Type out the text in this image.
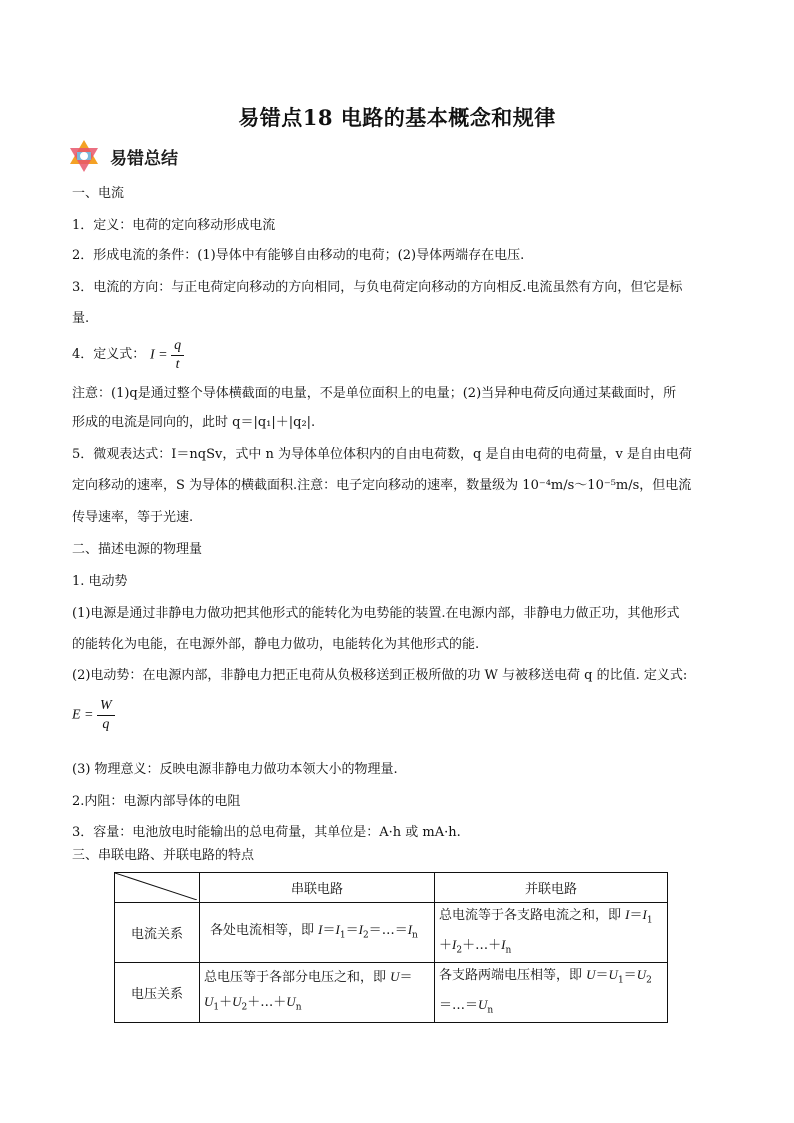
易错点18 电路的基本概念和规律
易错总结
一、电流
1．定义：电荷的定向移动形成电流
2．形成电流的条件：(1)导体中有能够自由移动的电荷；(2)导体两端存在电压.
3．电流的方向：与正电荷定向移动的方向相同，与负电荷定向移动的方向相反.电流虽然有方向，但它是标
量.
4．定义式： $I = \frac{q}{t}$
注意：(1)q是通过整个导体横截面的电量，不是单位面积上的电量；(2)当异种电荷反向通过某截面时，所
形成的电流是同向的，此时 q＝|q₁|＋|q₂|.
5．微观表达式：I＝nqSv，式中 n 为导体单位体积内的自由电荷数，q 是自由电荷的电荷量，v 是自由电荷
定向移动的速率，S 为导体的横截面积.注意：电子定向移动的速率，数量级为 10⁻⁴m/s～10⁻⁵m/s，但电流
传导速率，等于光速.
二、描述电源的物理量
1. 电动势
(1)电源是通过非静电力做功把其他形式的能转化为电势能的装置.在电源内部，非静电力做正功，其他形式
的能转化为电能，在电源外部，静电力做功，电能转化为其他形式的能.
(2)电动势：在电源内部，非静电力把正电荷从负极移送到正极所做的功 W 与被移送电荷 q 的比值. 定义式:
$E = \frac{W}{q}$
(3) 物理意义：反映电源非静电力做功本领大小的物理量.
2.内阻：电源内部导体的电阻
3．容量：电池放电时能输出的总电荷量，其单位是：A·h 或 mA·h.
三、串联电路、并联电路的特点
	串联电路	并联电路
电流关系	各处电流相等，即 $I=I_1=I_2=\dots=I_n$	总电流等于各支路电流之和，即 $I=I_1$
$+I_2+\dots+I_n$
电压关系	总电压等于各部分电压之和，即 U＝
$U_1+U_2+\dots+U_n$	各支路两端电压相等，即 $U=U_1=U_2$
$=\dots=U_n$
